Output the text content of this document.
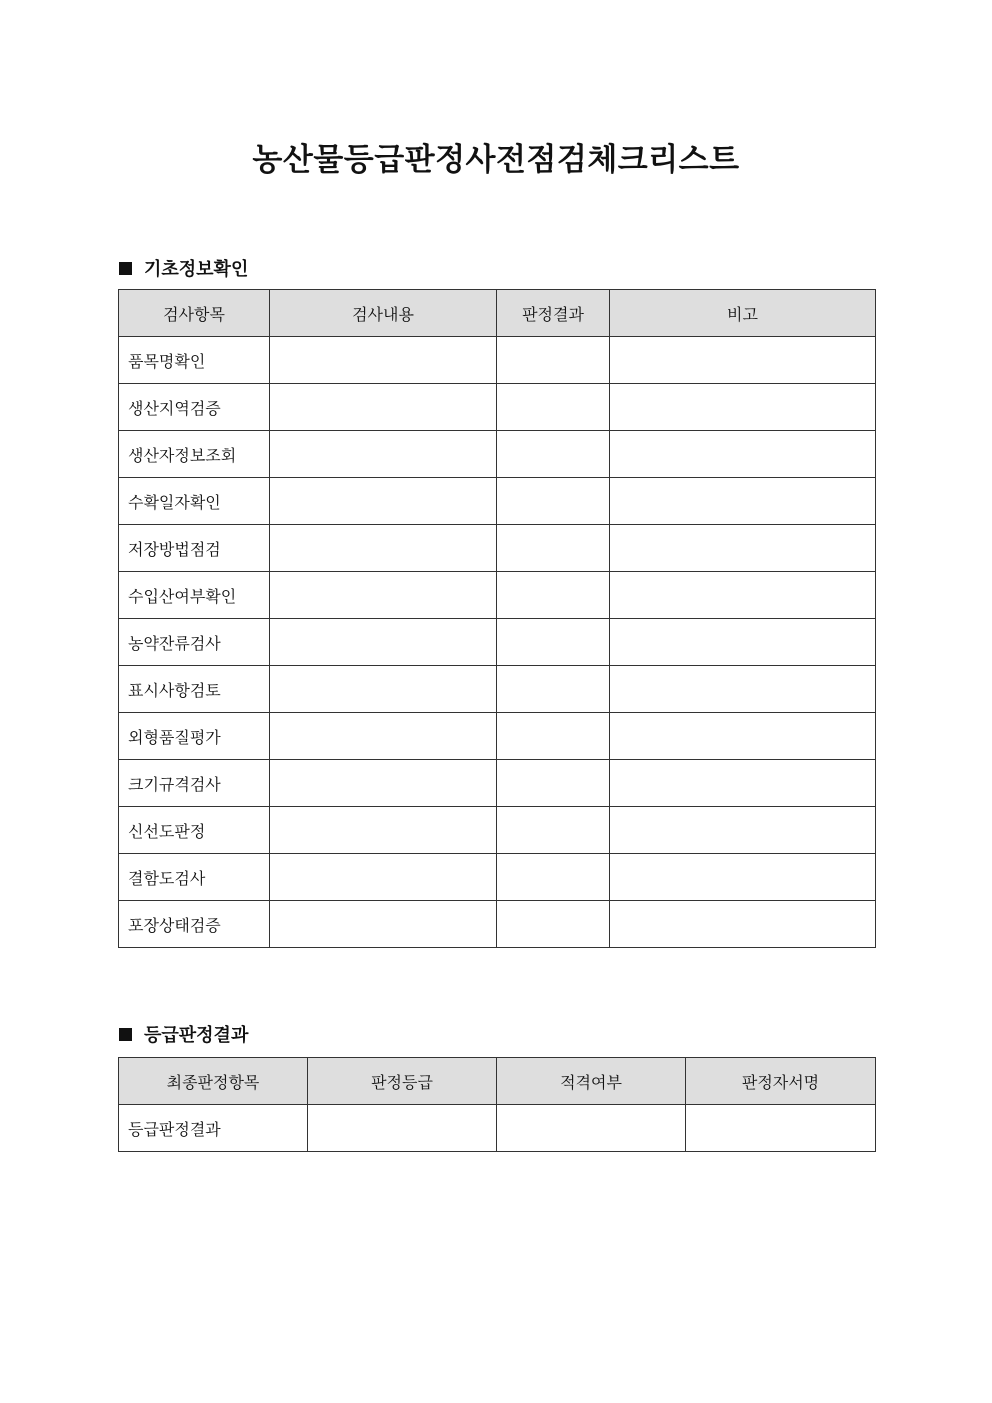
농산물등급판정사전점검체크리스트
기초정보확인
검사항목	검사내용	판정결과	비고
품목명확인			
생산지역검증			
생산자정보조회			
수확일자확인			
저장방법점검			
수입산여부확인			
농약잔류검사			
표시사항검토			
외형품질평가			
크기규격검사			
신선도판정			
결함도검사			
포장상태검증			
등급판정결과
최종판정항목	판정등급	적격여부	판정자서명
등급판정결과			
